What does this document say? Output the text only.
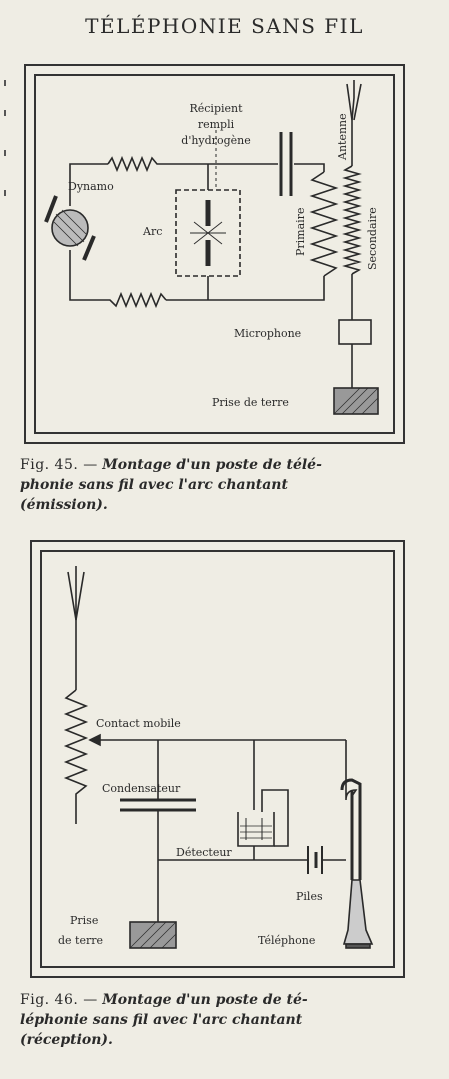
TÉLÉPHONIE SANS FIL
Récipient
rempli
d'hydrogène
Dynamo
Arc
Antenne
Primaire	Secondaire
Microphone
Prise de terre
Fig. 45. — Montage d'un poste de télé-
phonie sans fil avec l'arc chantant
(émission).
Contact mobile
Condensateur
Détecteur
Piles
Prise
de terre	Téléphone
Fig. 46. — Montage d'un poste de té-
léphonie sans fil avec l'arc chantant
(réception).
